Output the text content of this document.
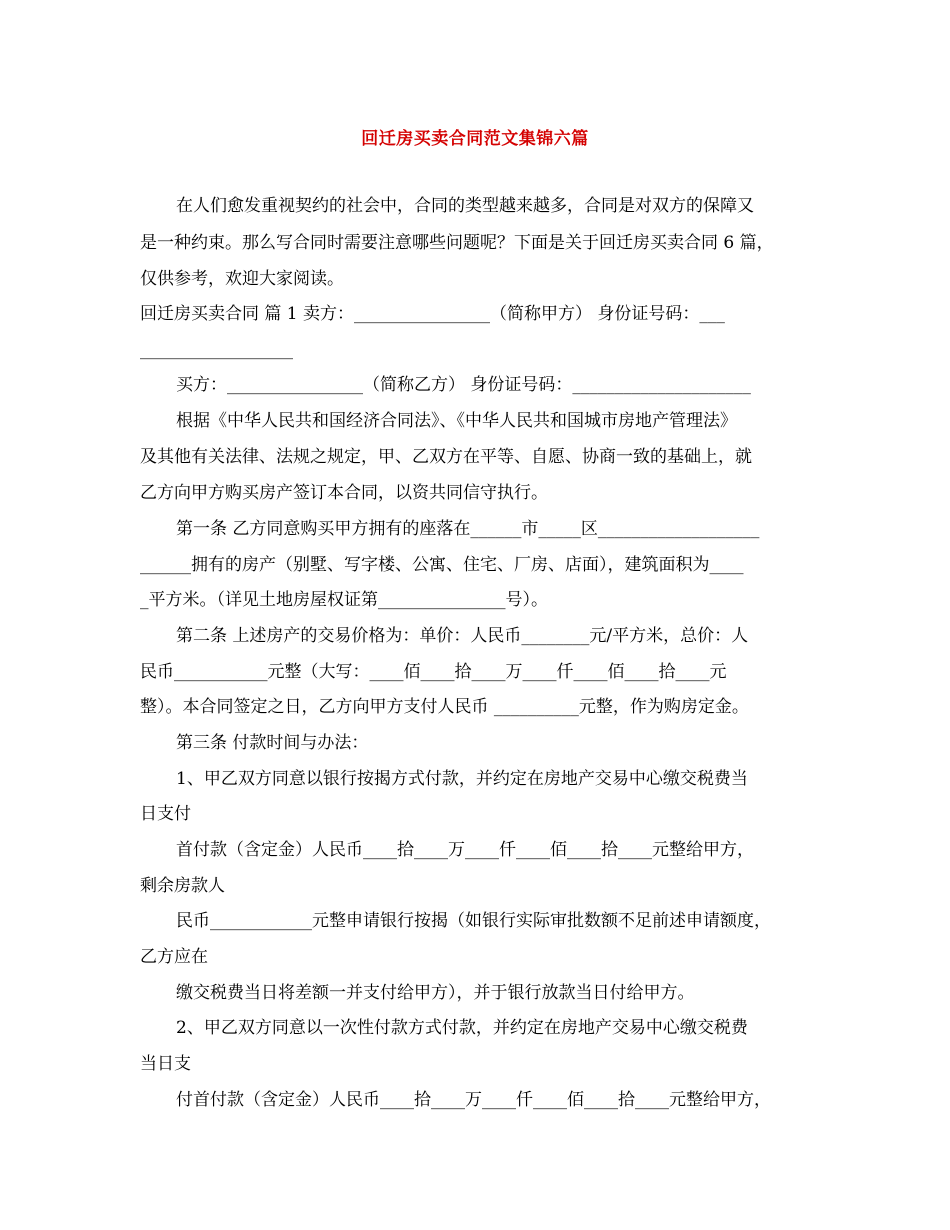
回迁房买卖合同范文集锦六篇
在人们愈发重视契约的社会中，合同的类型越来越多，合同是对双方的保障又
是一种约束。那么写合同时需要注意哪些问题呢？下面是关于回迁房买卖合同 6 篇，
仅供参考，欢迎大家阅读。
回迁房买卖合同 篇 1 卖方：________________（简称甲方） 身份证号码：___
__________________
买方：________________（简称乙方） 身份证号码：_____________________
根据《中华人民共和国经济合同法》、《中华人民共和国城市房地产管理法》
及其他有关法律、法规之规定，甲、乙双方在平等、自愿、协商一致的基础上，就
乙方向甲方购买房产签订本合同，以资共同信守执行。
第一条 乙方同意购买甲方拥有的座落在______市_____区___________________
______拥有的房产（别墅、写字楼、公寓、住宅、厂房、店面），建筑面积为____
_平方米。（详见土地房屋权证第_______________号）。
第二条 上述房产的交易价格为：单价：人民币________元/平方米，总价：人
民币___________元整（大写：____佰____拾____万____仟____佰____拾____元
整）。本合同签定之日，乙方向甲方支付人民币 __________元整，作为购房定金。
第三条 付款时间与办法：
1、甲乙双方同意以银行按揭方式付款，并约定在房地产交易中心缴交税费当
日支付
首付款（含定金）人民币____拾____万____仟____佰____拾____元整给甲方，
剩余房款人
民币____________元整申请银行按揭（如银行实际审批数额不足前述申请额度，
乙方应在
缴交税费当日将差额一并支付给甲方），并于银行放款当日付给甲方。
2、甲乙双方同意以一次性付款方式付款，并约定在房地产交易中心缴交税费
当日支
付首付款（含定金）人民币____拾____万____仟____佰____拾____元整给甲方，
